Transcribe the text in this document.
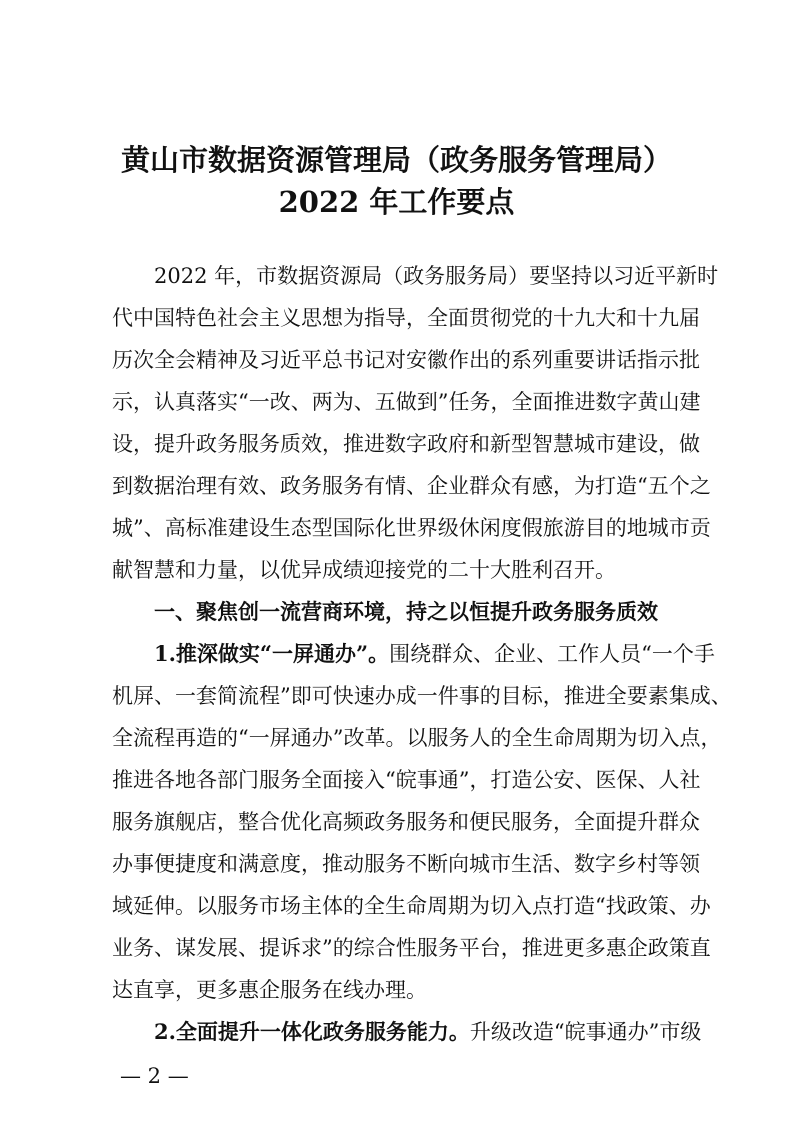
黄山市数据资源管理局（政务服务管理局）
2022 年工作要点
2022 年，市数据资源局（政务服务局）要坚持以习近平新时
代中国特色社会主义思想为指导，全面贯彻党的十九大和十九届
历次全会精神及习近平总书记对安徽作出的系列重要讲话指示批
示，认真落实“一改、两为、五做到”任务，全面推进数字黄山建
设，提升政务服务质效，推进数字政府和新型智慧城市建设，做
到数据治理有效、政务服务有情、企业群众有感，为打造“五个之
城”、高标准建设生态型国际化世界级休闲度假旅游目的地城市贡
献智慧和力量，以优异成绩迎接党的二十大胜利召开。
一、聚焦创一流营商环境，持之以恒提升政务服务质效
1.推深做实“一屏通办”。围绕群众、企业、工作人员“一个手
机屏、一套简流程”即可快速办成一件事的目标，推进全要素集成、
全流程再造的“一屏通办”改革。以服务人的全生命周期为切入点，
推进各地各部门服务全面接入“皖事通”，打造公安、医保、人社
服务旗舰店，整合优化高频政务服务和便民服务，全面提升群众
办事便捷度和满意度，推动服务不断向城市生活、数字乡村等领
域延伸。以服务市场主体的全生命周期为切入点打造“找政策、办
业务、谋发展、提诉求”的综合性服务平台，推进更多惠企政策直
达直享，更多惠企服务在线办理。
2.全面提升一体化政务服务能力。升级改造“皖事通办”市级
— 2 —
